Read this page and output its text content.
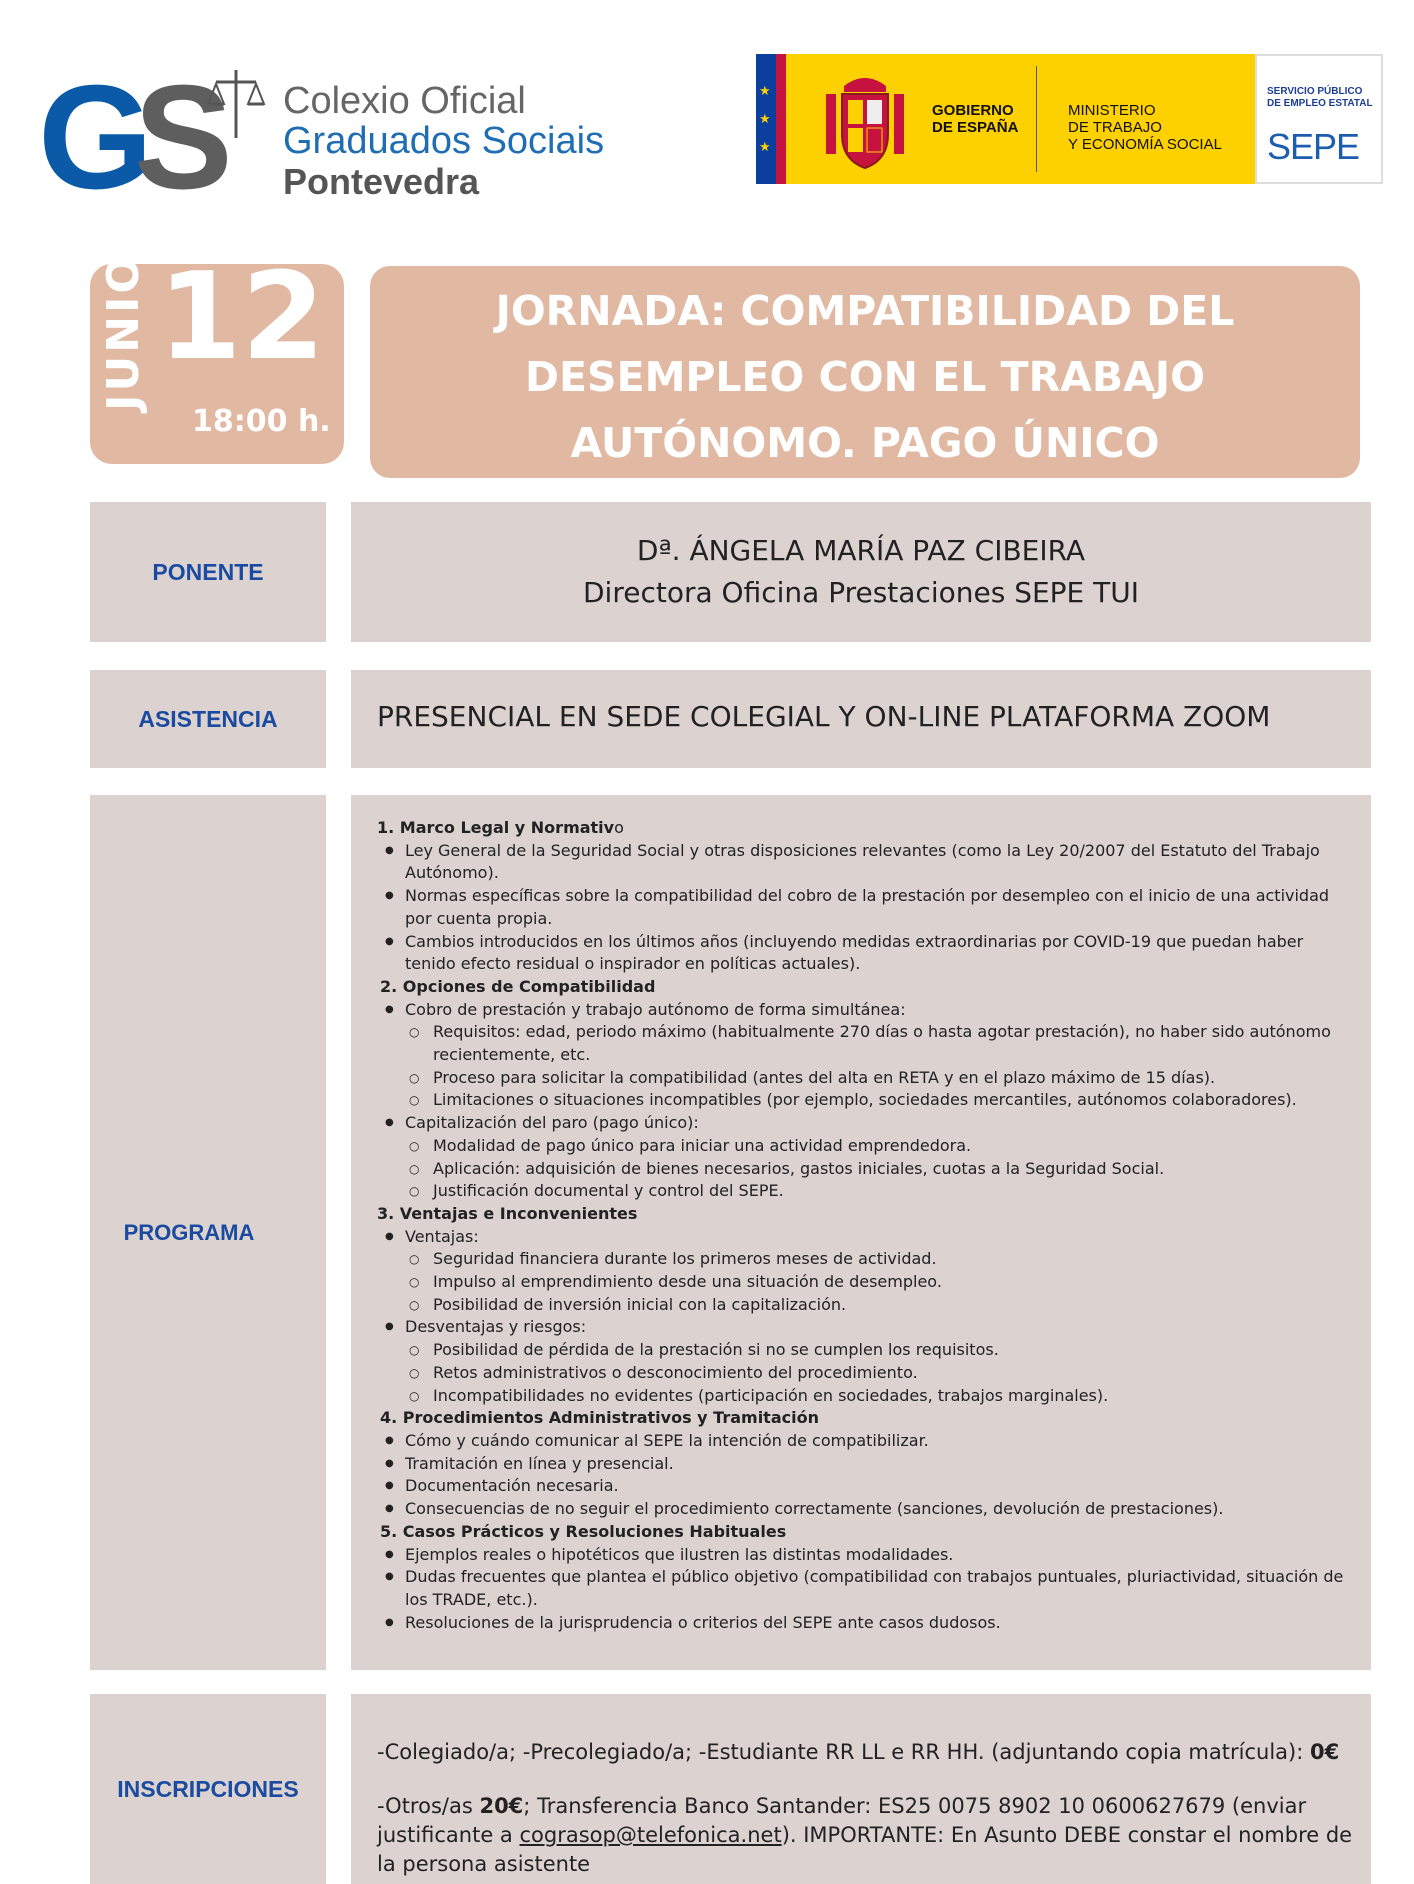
G
S Colexio Oficial
Graduados Sociais
Pontevedra
★
★
★
GOBIERNO
DE ESPAÑA
MINISTERIO
DE TRABAJO
Y ECONOMÍA SOCIAL
SERVICIO PÚBLICO
DE EMPLEO ESTATAL
SEPE
JUNIO 12
18:00 h.
JORNADA: COMPATIBILIDAD DEL DESEMPLEO CON EL TRABAJO AUTÓNOMO. PAGO ÚNICO
PONENTE
Dª. ÁNGELA MARÍA PAZ CIBEIRA
Directora Oficina Prestaciones SEPE TUI
ASISTENCIA	PRESENCIAL EN SEDE COLEGIAL Y ON-LINE PLATAFORMA ZOOM
PROGRAMA
1. Marco Legal y Normativo
● Ley General de la Seguridad Social y otras disposiciones relevantes (como la Ley 20/2007 del Estatuto del Trabajo Autónomo).
● Normas específicas sobre la compatibilidad del cobro de la prestación por desempleo con el inicio de una actividad por cuenta propia.
● Cambios introducidos en los últimos años (incluyendo medidas extraordinarias por COVID-19 que puedan haber tenido efecto residual o inspirador en políticas actuales).
2. Opciones de Compatibilidad
● Cobro de prestación y trabajo autónomo de forma simultánea:
○ Requisitos: edad, periodo máximo (habitualmente 270 días o hasta agotar prestación), no haber sido autónomo recientemente, etc.
○ Proceso para solicitar la compatibilidad (antes del alta en RETA y en el plazo máximo de 15 días).
○ Limitaciones o situaciones incompatibles (por ejemplo, sociedades mercantiles, autónomos colaboradores).
● Capitalización del paro (pago único):
○ Modalidad de pago único para iniciar una actividad emprendedora.
○ Aplicación: adquisición de bienes necesarios, gastos iniciales, cuotas a la Seguridad Social.
○ Justificación documental y control del SEPE.
3. Ventajas e Inconvenientes
● Ventajas:
○ Seguridad financiera durante los primeros meses de actividad.
○ Impulso al emprendimiento desde una situación de desempleo.
○ Posibilidad de inversión inicial con la capitalización.
● Desventajas y riesgos:
○ Posibilidad de pérdida de la prestación si no se cumplen los requisitos.
○ Retos administrativos o desconocimiento del procedimiento.
○ Incompatibilidades no evidentes (participación en sociedades, trabajos marginales).
4. Procedimientos Administrativos y Tramitación
● Cómo y cuándo comunicar al SEPE la intención de compatibilizar.
● Tramitación en línea y presencial.
● Documentación necesaria.
● Consecuencias de no seguir el procedimiento correctamente (sanciones, devolución de prestaciones).
5. Casos Prácticos y Resoluciones Habituales
● Ejemplos reales o hipotéticos que ilustren las distintas modalidades.
● Dudas frecuentes que plantea el público objetivo (compatibilidad con trabajos puntuales, pluriactividad, situación de los TRADE, etc.).
● Resoluciones de la jurisprudencia o criterios del SEPE ante casos dudosos.
INSCRIPCIONES
-Colegiado/a; -Precolegiado/a; -Estudiante RR LL e RR HH. (adjuntando copia matrícula): 0€
-Otros/as 20€; Transferencia Banco Santander: ES25 0075 8902 10 0600627679 (enviar justificante a cograsop@telefonica.net). IMPORTANTE: En Asunto DEBE constar el nombre de la persona asistente
